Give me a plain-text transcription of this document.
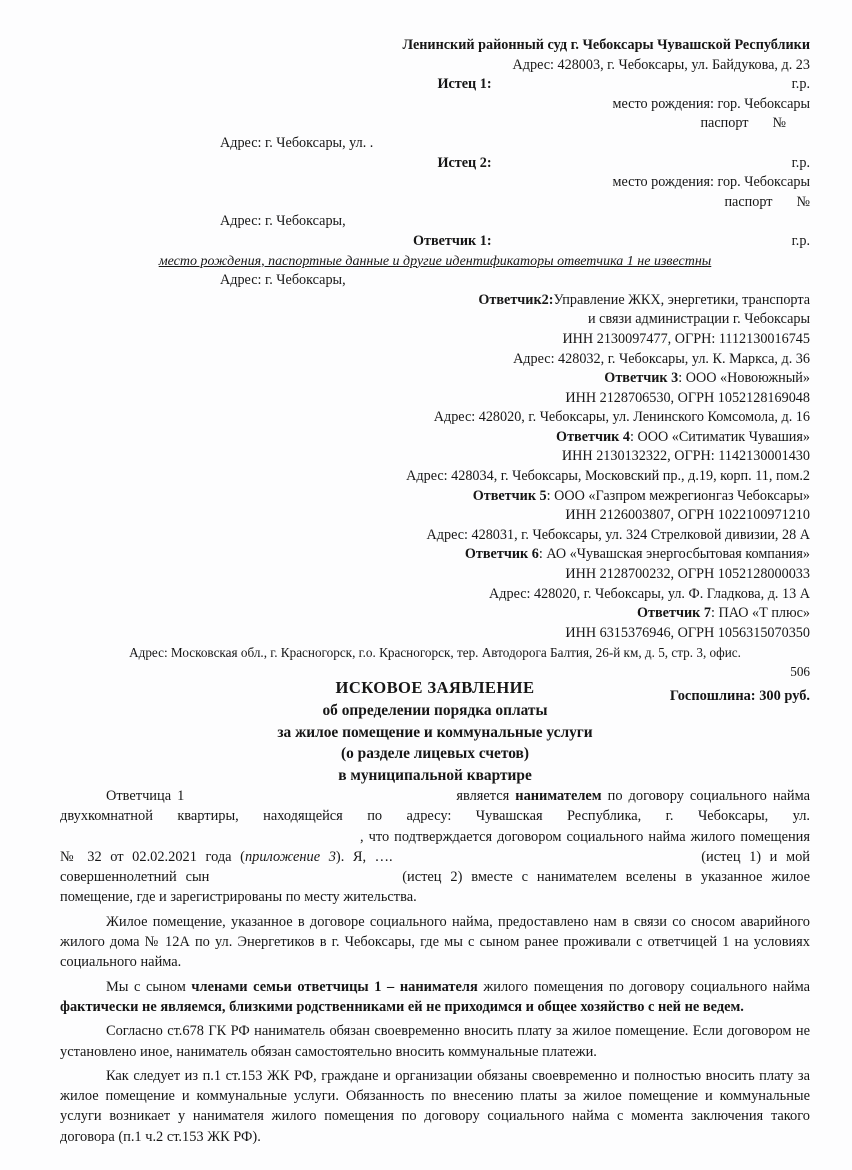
Ленинский районный суд г. Чебоксары Чувашской Республики
Адрес: 428003, г. Чебоксары, ул. Байдукова, д. 23
Истец 1:	г.р.
место рождения: гор. Чебоксары
паспорт №
Адрес: г. Чебоксары, ул. .
Истец 2:	г.р.
место рождения: гор. Чебоксары
паспорт №
Адрес: г. Чебоксары,
Ответчик 1:	г.р.
место рождения, паспортные данные и другие идентификаторы ответчика 1 не известны
Адрес: г. Чебоксары,
Ответчик2:Управление ЖКХ, энергетики, транспорта
и связи администрации г. Чебоксары
ИНН 2130097477, ОГРН: 1112130016745
Адрес: 428032, г. Чебоксары, ул. К. Маркса, д. 36
Ответчик 3: ООО «Новоюжный»
ИНН 2128706530, ОГРН 1052128169048
Адрес: 428020, г. Чебоксары, ул. Ленинского Комсомола, д. 16
Ответчик 4: ООО «Ситиматик Чувашия»
ИНН 2130132322, ОГРН: 1142130001430
Адрес: 428034, г. Чебоксары, Московский пр., д.19, корп. 11, пом.2
Ответчик 5: ООО «Газпром межрегионгаз Чебоксары»
ИНН 2126003807, ОГРН 1022100971210
Адрес: 428031, г. Чебоксары, ул. 324 Стрелковой дивизии, 28 А
Ответчик 6: АО «Чувашская энергосбытовая компания»
ИНН 2128700232, ОГРН 1052128000033
Адрес: 428020, г. Чебоксары, ул. Ф. Гладкова, д. 13 А
Ответчик 7: ПАО «Т плюс»
ИНН 6315376946, ОГРН 1056315070350
Адрес: Московская обл., г. Красногорск, г.о. Красногорск, тер. Автодорога Балтия, 26-й км, д. 5, стр. 3, офис.
506
Госпошлина: 300 руб.
ИСКОВОЕ ЗАЯВЛЕНИЕ
об определении порядка оплаты
за жилое помещение и коммунальные услуги
(о разделе лицевых счетов)
в муниципальной квартире

Ответчица 1	является нанимателем по договору социального найма двухкомнатной квартиры, находящейся по адресу: Чувашская Республика, г. Чебоксары, ул. , что подтверждается договором социального найма жилого помещения № 32 от 02.02.2021 года (приложение 3). Я, ….	(истец 1) и мой совершеннолетний сын	(истец 2) вместе с нанимателем вселены в указанное жилое помещение, где и зарегистрированы по месту жительства.

Жилое помещение, указанное в договоре социального найма, предоставлено нам в связи со сносом аварийного жилого дома № 12А по ул. Энергетиков в г. Чебоксары, где мы с сыном ранее проживали с ответчицей 1 на условиях социального найма.

Мы с сыном членами семьи ответчицы 1 – нанимателя жилого помещения по договору социального найма фактически не являемся, близкими родственниками ей не приходимся и общее хозяйство с ней не ведем.

Согласно ст.678 ГК РФ наниматель обязан своевременно вносить плату за жилое помещение. Если договором не установлено иное, наниматель обязан самостоятельно вносить коммунальные платежи.

Как следует из п.1 ст.153 ЖК РФ, граждане и организации обязаны своевременно и полностью вносить плату за жилое помещение и коммунальные услуги. Обязанность по внесению платы за жилое помещение и коммунальные услуги возникает у нанимателя жилого помещения по договору социального найма с момента заключения такого договора (п.1 ч.2 ст.153 ЖК РФ).
